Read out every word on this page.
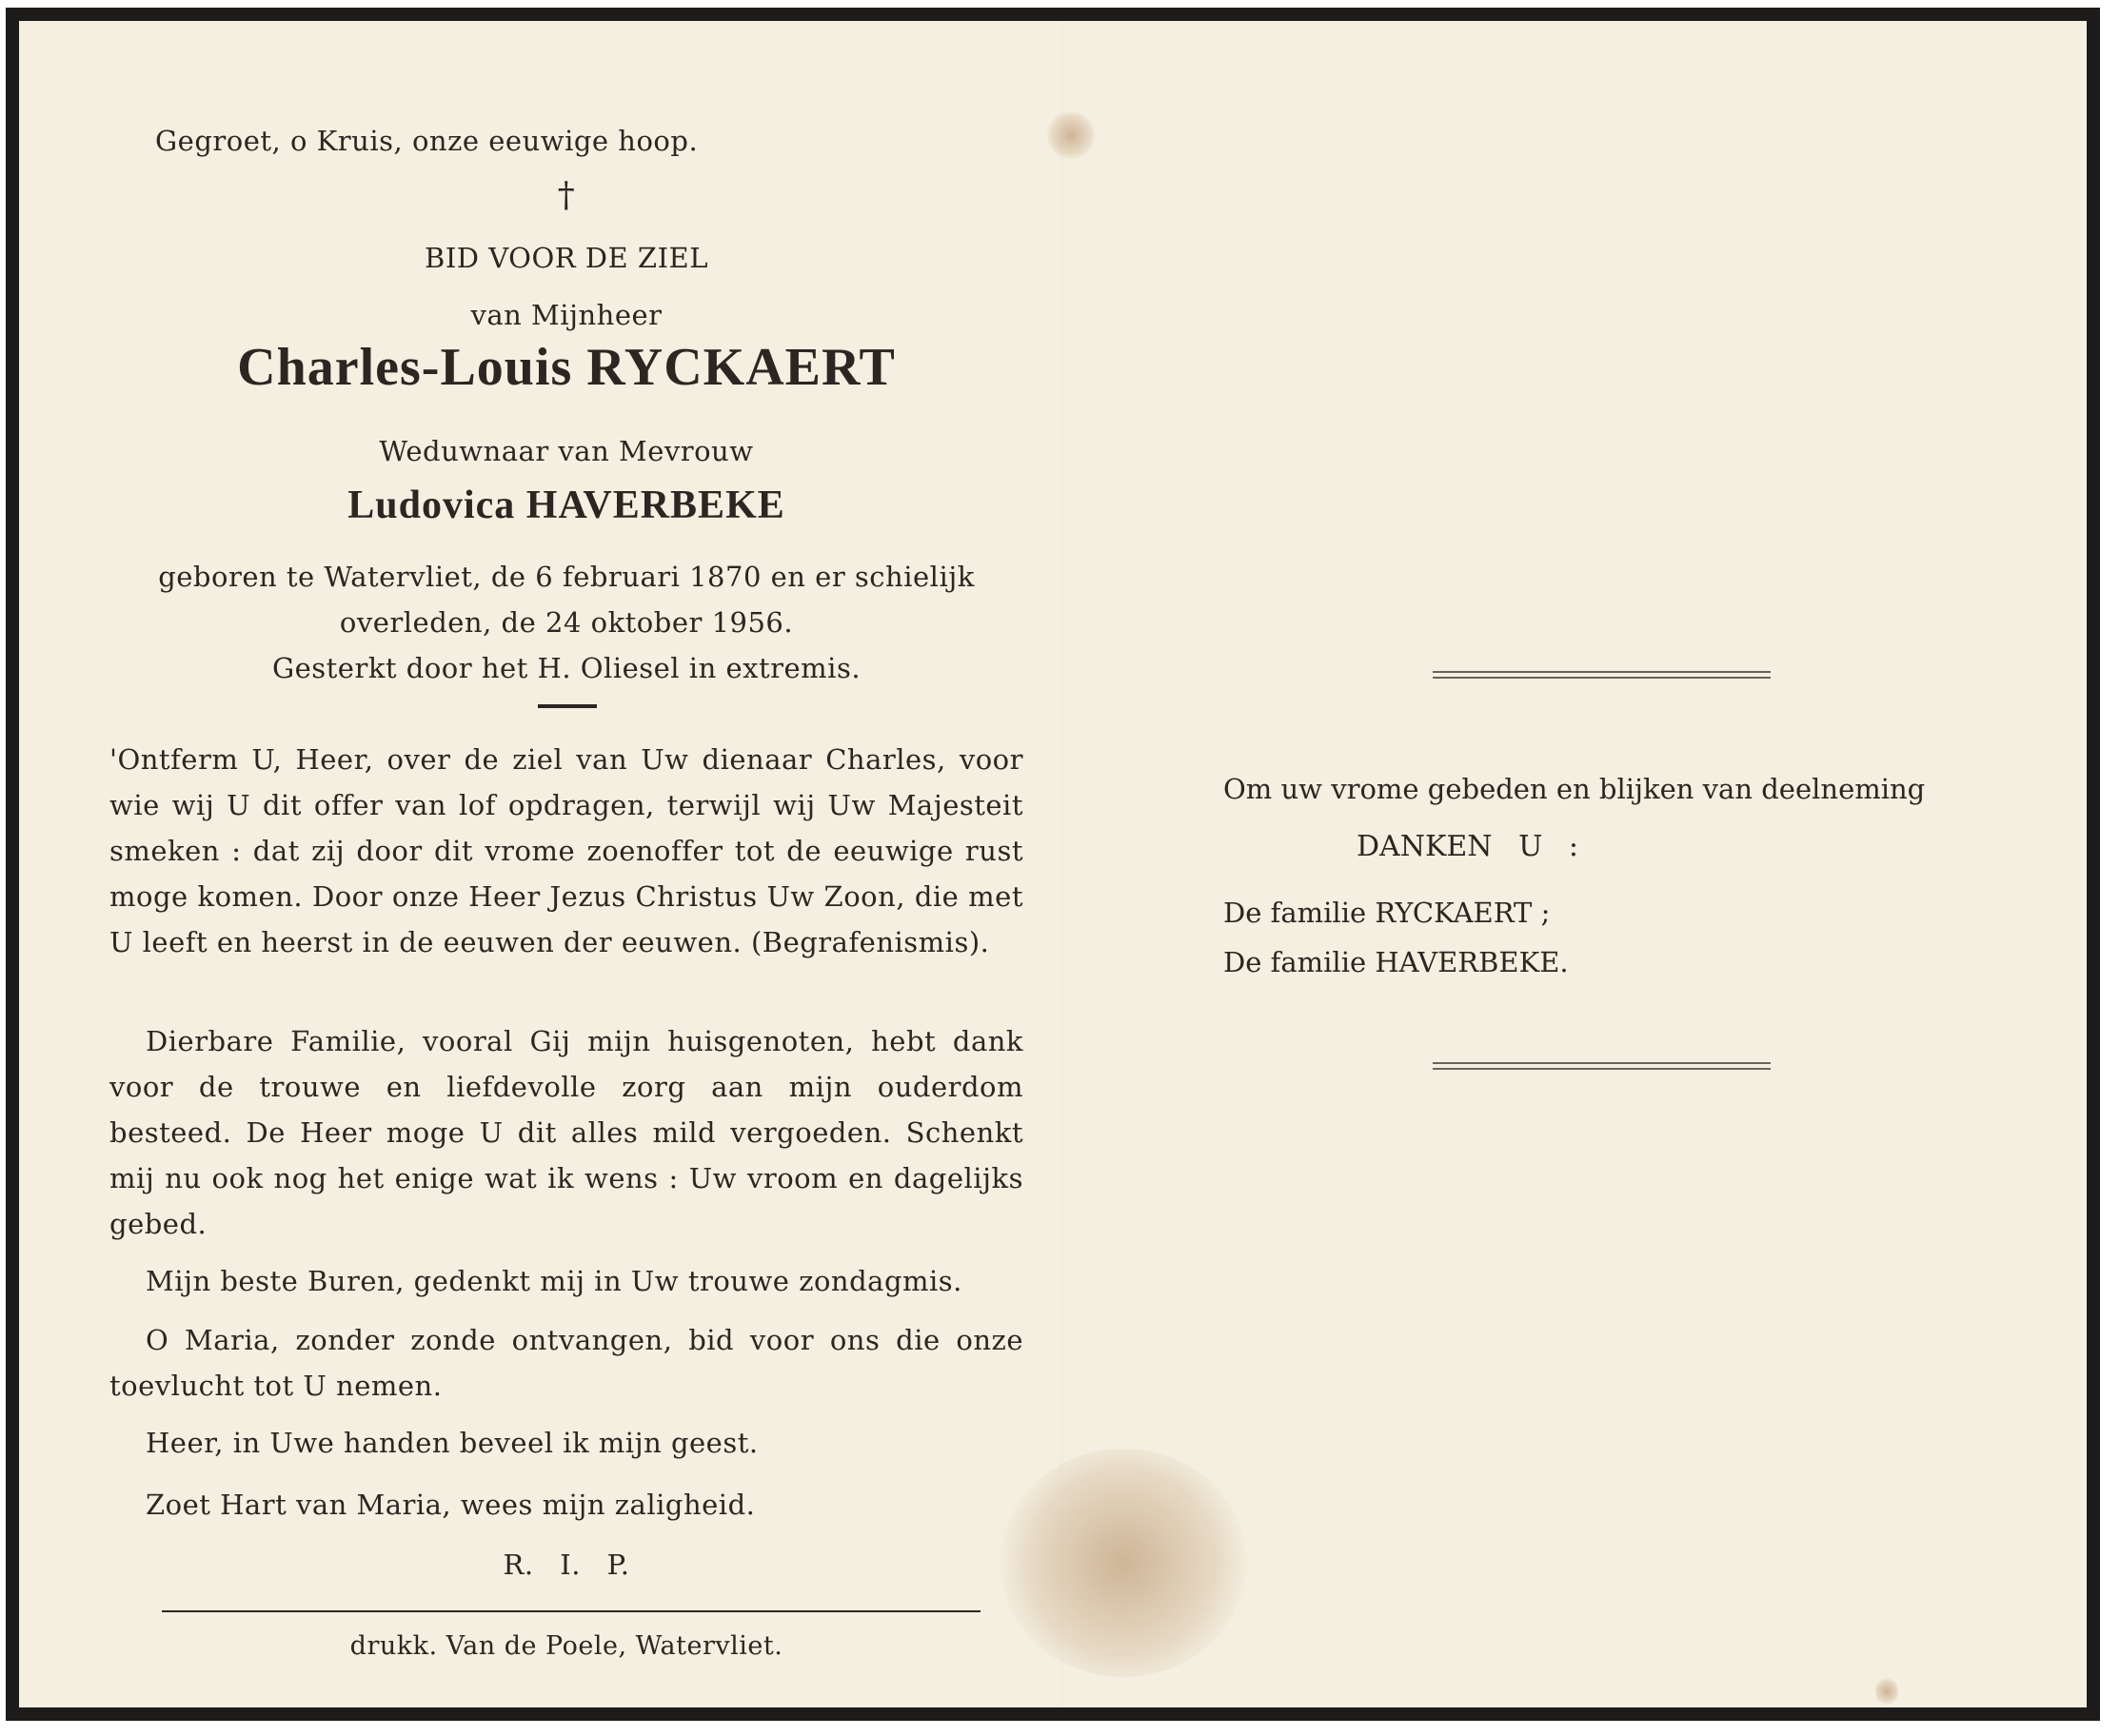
Gegroet, o Kruis, onze eeuwige hoop.
†
BID VOOR DE ZIEL
van Mijnheer
Charles-Louis RYCKAERT
Weduwnaar van Mevrouw
Ludovica HAVERBEKE
geboren te Watervliet, de 6 februari 1870 en er schielijk
overleden, de 24 oktober 1956.
Gesterkt door het H. Oliesel in extremis.
'Ontferm U, Heer, over de ziel van Uw dienaar Charles, voor wie wij U dit offer van lof opdragen, terwijl wij Uw Majesteit smeken : dat zij door dit vrome zoenoffer tot de eeuwige rust moge komen. Door onze Heer Jezus Christus Uw Zoon, die met U leeft en heerst in de eeuwen der eeuwen. (Begrafenismis).
Dierbare Familie, vooral Gij mijn huisgenoten, hebt dank voor de trouwe en liefdevolle zorg aan mijn ouderdom besteed. De Heer moge U dit alles mild vergoeden. Schenkt mij nu ook nog het enige wat ik wens : Uw vroom en dagelijks gebed.
Mijn beste Buren, gedenkt mij in Uw trouwe zondagmis.
O Maria, zonder zonde ontvangen, bid voor ons die onze toevlucht tot U nemen.
Heer, in Uwe handen beveel ik mijn geest.
Zoet Hart van Maria, wees mijn zaligheid.
R. I. P.
drukk. Van de Poele, Watervliet.
Om uw vrome gebeden en blijken van deelneming
DANKEN U :
De familie RYCKAERT ;
De familie HAVERBEKE.
